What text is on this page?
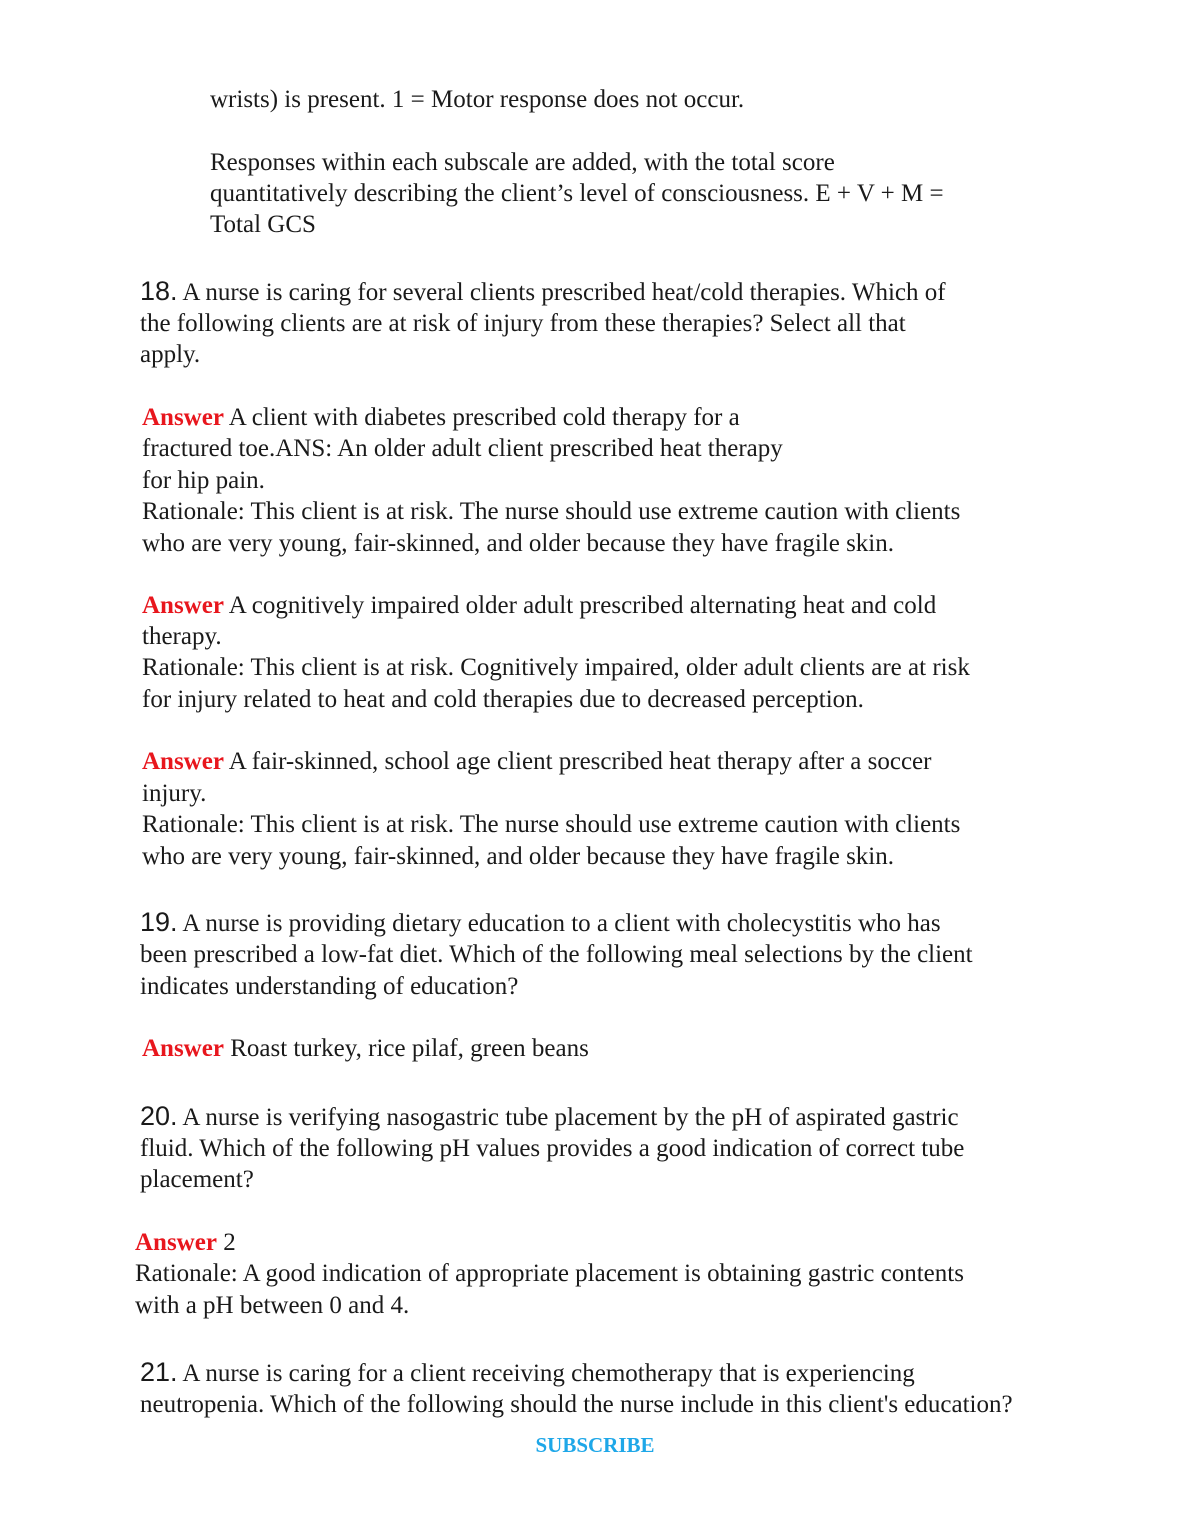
wrists) is present. 1 = Motor response does not occur.
Responses within each subscale are added, with the total score
quantitatively describing the client’s level of consciousness. E + V + M =
Total GCS
18. A nurse is caring for several clients prescribed heat/cold therapies. Which of
the following clients are at risk of injury from these therapies? Select all that
apply.
Answer A client with diabetes prescribed cold therapy for a
fractured toe.ANS: An older adult client prescribed heat therapy
for hip pain.
Rationale: This client is at risk. The nurse should use extreme caution with clients
who are very young, fair-skinned, and older because they have fragile skin.
Answer A cognitively impaired older adult prescribed alternating heat and cold
therapy.
Rationale: This client is at risk. Cognitively impaired, older adult clients are at risk
for injury related to heat and cold therapies due to decreased perception.
Answer A fair-skinned, school age client prescribed heat therapy after a soccer
injury.
Rationale: This client is at risk. The nurse should use extreme caution with clients
who are very young, fair-skinned, and older because they have fragile skin.
19. A nurse is providing dietary education to a client with cholecystitis who has
been prescribed a low-fat diet. Which of the following meal selections by the client
indicates understanding of education?
Answer Roast turkey, rice pilaf, green beans
20. A nurse is verifying nasogastric tube placement by the pH of aspirated gastric
fluid. Which of the following pH values provides a good indication of correct tube
placement?
Answer 2
Rationale: A good indication of appropriate placement is obtaining gastric contents
with a pH between 0 and 4.
21. A nurse is caring for a client receiving chemotherapy that is experiencing
neutropenia. Which of the following should the nurse include in this client's education?
SUBSCRIBE
